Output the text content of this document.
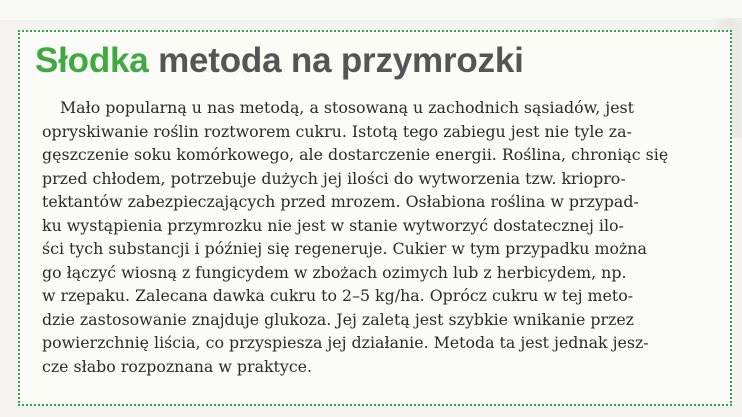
Słodka metoda na przymrozki
Mało popularną u nas metodą, a stosowaną u zachodnich sąsiadów, jest
opryskiwanie roślin roztworem cukru. Istotą tego zabiegu jest nie tyle za-
gęszczenie soku komórkowego, ale dostarczenie energii. Roślina, chroniąc się
przed chłodem, potrzebuje dużych jej ilości do wytworzenia tzw. kriopro-
tektantów zabezpieczających przed mrozem. Osłabiona roślina w przypad-
ku wystąpienia przymrozku nie jest w stanie wytworzyć dostatecznej ilo-
ści tych substancji i później się regeneruje. Cukier w tym przypadku można
go łączyć wiosną z fungicydem w zbożach ozimych lub z herbicydem, np.
w rzepaku. Zalecana dawka cukru to 2–5 kg/ha. Oprócz cukru w tej meto-
dzie zastosowanie znajduje glukoza. Jej zaletą jest szybkie wnikanie przez
powierzchnię liścia, co przyspiesza jej działanie. Metoda ta jest jednak jesz-
cze słabo rozpoznana w praktyce.
